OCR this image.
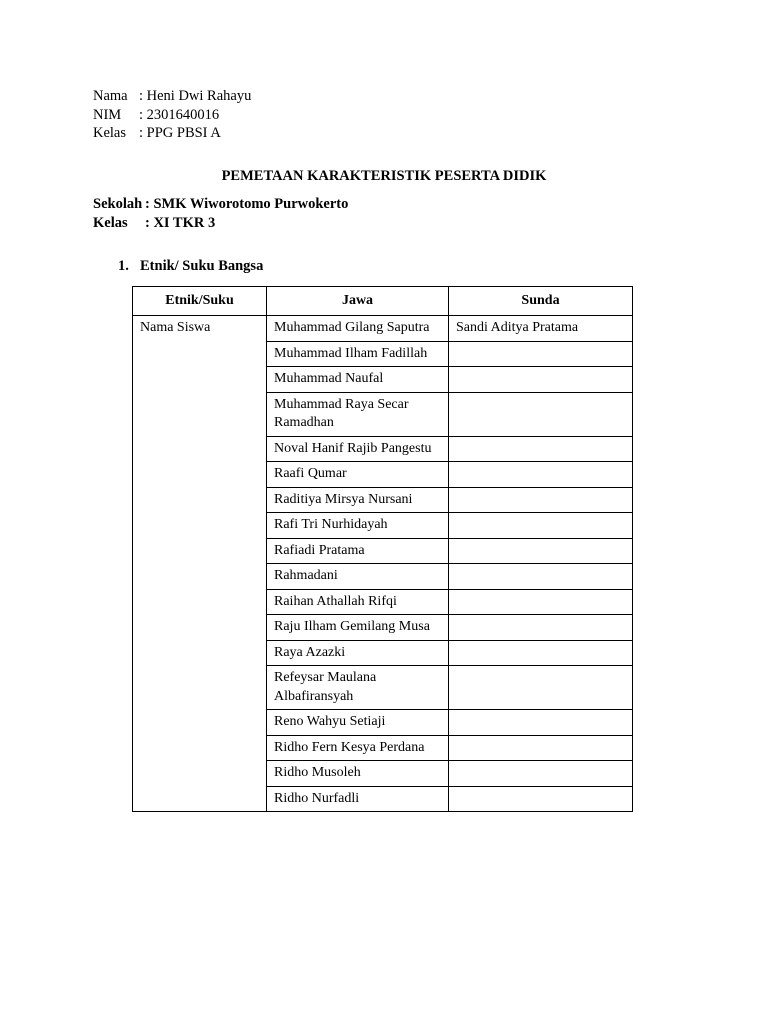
Nama : Heni Dwi Rahayu
NIM	: 2301640016
Kelas : PPG PBSI A
PEMETAAN KARAKTERISTIK PESERTA DIDIK
Sekolah : SMK Wiworotomo Purwokerto
Kelas	: XI TKR 3
1. Etnik/ Suku Bangsa
Etnik/Suku	Jawa	Sunda
Nama Siswa	Muhammad Gilang Saputra	Sandi Aditya Pratama
	Muhammad Ilham Fadillah	
	Muhammad Naufal	
	Muhammad Raya Secar Ramadhan	
	Noval Hanif Rajib Pangestu	
	Raafi Qumar	
	Raditiya Mirsya Nursani	
	Rafi Tri Nurhidayah	
	Rafiadi Pratama	
	Rahmadani	
	Raihan Athallah Rifqi	
	Raju Ilham Gemilang Musa	
	Raya Azazki	
	Refeysar Maulana Albafiransyah	
	Reno Wahyu Setiaji	
	Ridho Fern Kesya Perdana	
	Ridho Musoleh	
	Ridho Nurfadli	
